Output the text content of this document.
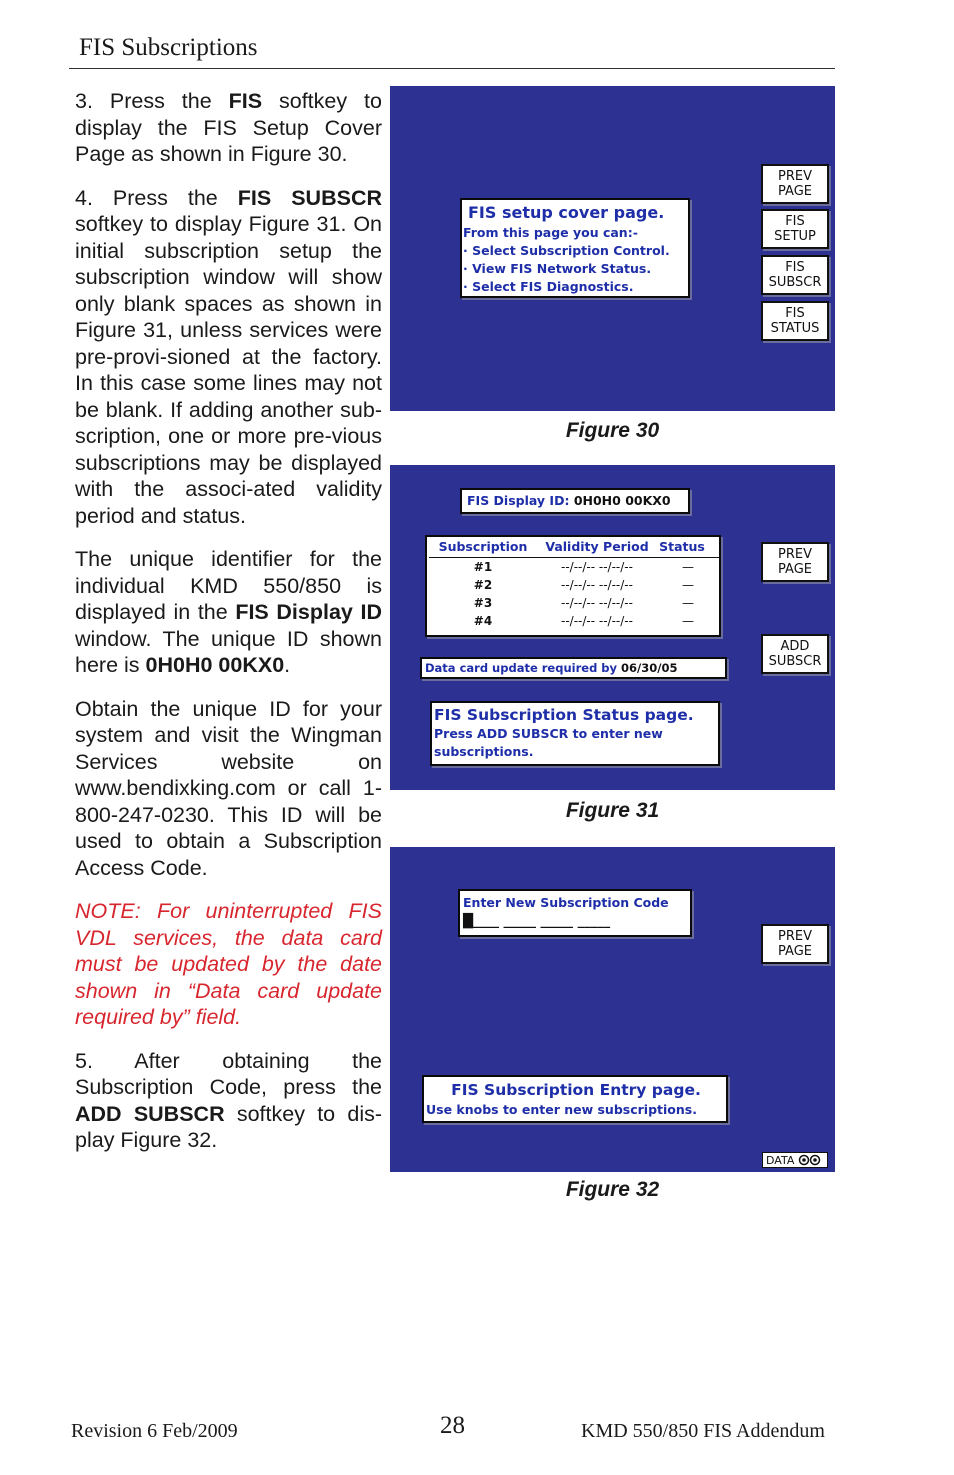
FIS Subscriptions

3. Press the FIS softkey to display the FIS Setup Cover Page as shown in Figure 30.

4. Press the FIS SUBSCR softkey to display Figure 31. On initial subscription setup the subscription window will show only blank spaces as shown in Figure 31, unless services were pre-provi-sioned at the factory. In this case some lines may not be blank. If adding another sub-scription, one or more pre-vious subscriptions may be displayed with the associ-ated validity period and status.

The unique identifier for the individual KMD 550/850 is displayed in the FIS Display ID window. The unique ID shown here is 0H0H0 00KX0.

Obtain the unique ID for your system and visit the Wingman Services website on www.bendixking.com or call 1-800-247-0230. This ID will be used to obtain a Subscription Access Code.

NOTE: For uninterrupted FIS VDL services, the data card must be updated by the date shown in “Data card update required by” field.

5. After obtaining the Subscription Code, press the ADD SUBSCR softkey to dis-play Figure 32.

FIS setup cover page.
From this page you can:-
· Select Subscription Control.
· View FIS Network Status.
· Select FIS Diagnostics.
PREV
PAGE
FIS
SETUP
FIS
SUBSCR
FIS
STATUS
Figure 30
FIS Display ID: 0H0H0 00KX0
Subscription	Validity Period Status
#1	--/--/-- --/--/--	—
#2	--/--/-- --/--/--	—
#3	--/--/-- --/--/--	—
#4	--/--/-- --/--/--	—
Data card update required by 06/30/05
FIS Subscription Status page.
Press ADD SUBSCR to enter new
subscriptions.
PREV
PAGE
ADD
SUBSCR
Figure 31
Enter New Subscription Code
█____ _____ _____ _____
FIS Subscription Entry page.
Use knobs to enter new subscriptions.
PREV
PAGE
DATA
Figure 32
Revision 6 Feb/2009	28	KMD 550/850 FIS Addendum
